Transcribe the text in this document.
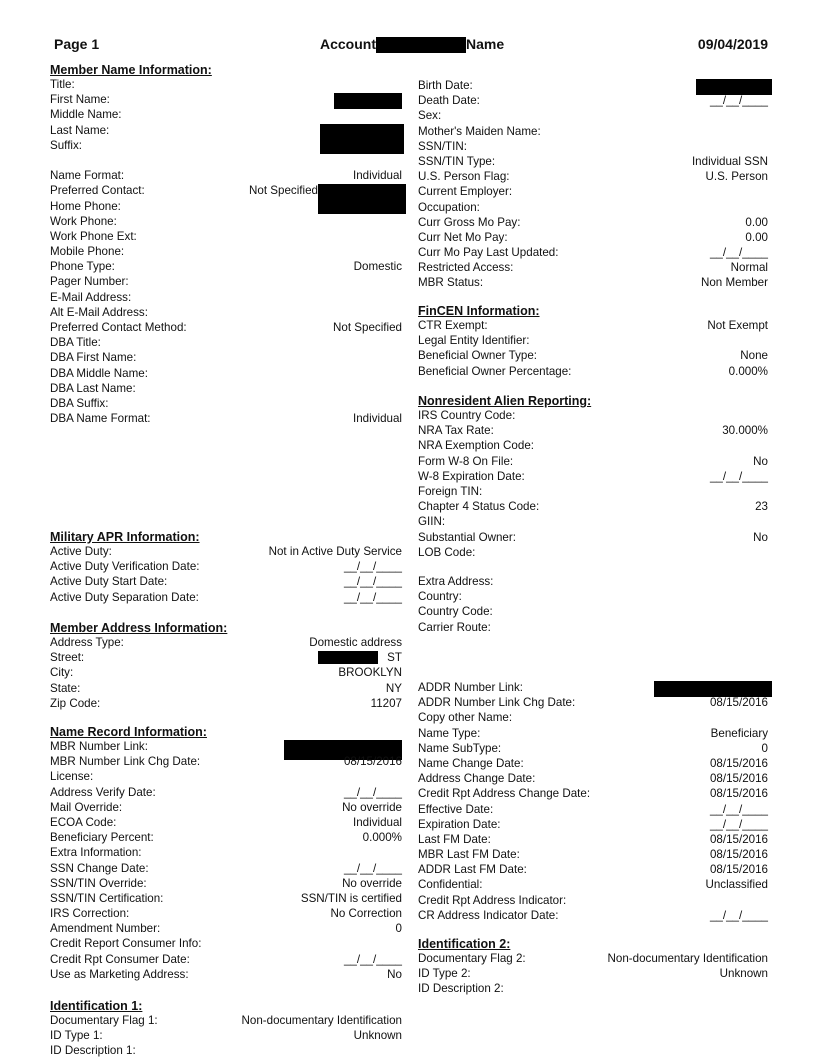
Page 1	Account	Name	09/04/2019
Member Name Information:
Title:
First Name:
Middle Name:
Last Name:
Suffix:
Name Format:	Individual
Preferred Contact:	Not Specified
Home Phone:
Work Phone:
Work Phone Ext:
Mobile Phone:
Phone Type:	Domestic
Pager Number:
E-Mail Address:
Alt E-Mail Address:
Preferred Contact Method:	Not Specified
DBA Title:
DBA First Name:
DBA Middle Name:
DBA Last Name:
DBA Suffix:
DBA Name Format:	Individual
Military APR Information:
Active Duty:	Not in Active Duty Service
Active Duty Verification Date:	__/__/____
Active Duty Start Date:	__/__/____
Active Duty Separation Date:	__/__/____
Member Address Information:
Address Type:	Domestic address
Street:	ST
City:	BROOKLYN
State:	NY
Zip Code:	11207
Name Record Information:
MBR Number Link:
MBR Number Link Chg Date:	08/15/2016
License:
Address Verify Date:	__/__/____
Mail Override:	No override
ECOA Code:	Individual
Beneficiary Percent:	0.000%
Extra Information:
SSN Change Date:	__/__/____
SSN/TIN Override:	No override
SSN/TIN Certification:	SSN/TIN is certified
IRS Correction:	No Correction
Amendment Number:	0
Credit Report Consumer Info:
Credit Rpt Consumer Date:	__/__/____
Use as Marketing Address:	No
Identification 1:
Documentary Flag 1:	Non-documentary Identification
ID Type 1:	Unknown
ID Description 1:
Birth Date:
Death Date:	__/__/____
Sex:
Mother's Maiden Name:
SSN/TIN:
SSN/TIN Type:	Individual SSN
U.S. Person Flag:	U.S. Person
Current Employer:
Occupation:
Curr Gross Mo Pay:	0.00
Curr Net Mo Pay:	0.00
Curr Mo Pay Last Updated:	__/__/____
Restricted Access:	Normal
MBR Status:	Non Member
FinCEN Information:
CTR Exempt:	Not Exempt
Legal Entity Identifier:
Beneficial Owner Type:	None
Beneficial Owner Percentage:	0.000%
Nonresident Alien Reporting:
IRS Country Code:
NRA Tax Rate:	30.000%
NRA Exemption Code:
Form W-8 On File:	No
W-8 Expiration Date:	__/__/____
Foreign TIN:
Chapter 4 Status Code:	23
GIIN:
Substantial Owner:	No
LOB Code:
Extra Address:
Country:
Country Code:
Carrier Route:
ADDR Number Link:
ADDR Number Link Chg Date:	08/15/2016
Copy other Name:
Name Type:	Beneficiary
Name SubType:	0
Name Change Date:	08/15/2016
Address Change Date:	08/15/2016
Credit Rpt Address Change Date:	08/15/2016
Effective Date:	__/__/____
Expiration Date:	__/__/____
Last FM Date:	08/15/2016
MBR Last FM Date:	08/15/2016
ADDR Last FM Date:	08/15/2016
Confidential:	Unclassified
Credit Rpt Address Indicator:
CR Address Indicator Date:	__/__/____
Identification 2:
Documentary Flag 2:	Non-documentary Identification
ID Type 2:	Unknown
ID Description 2:
